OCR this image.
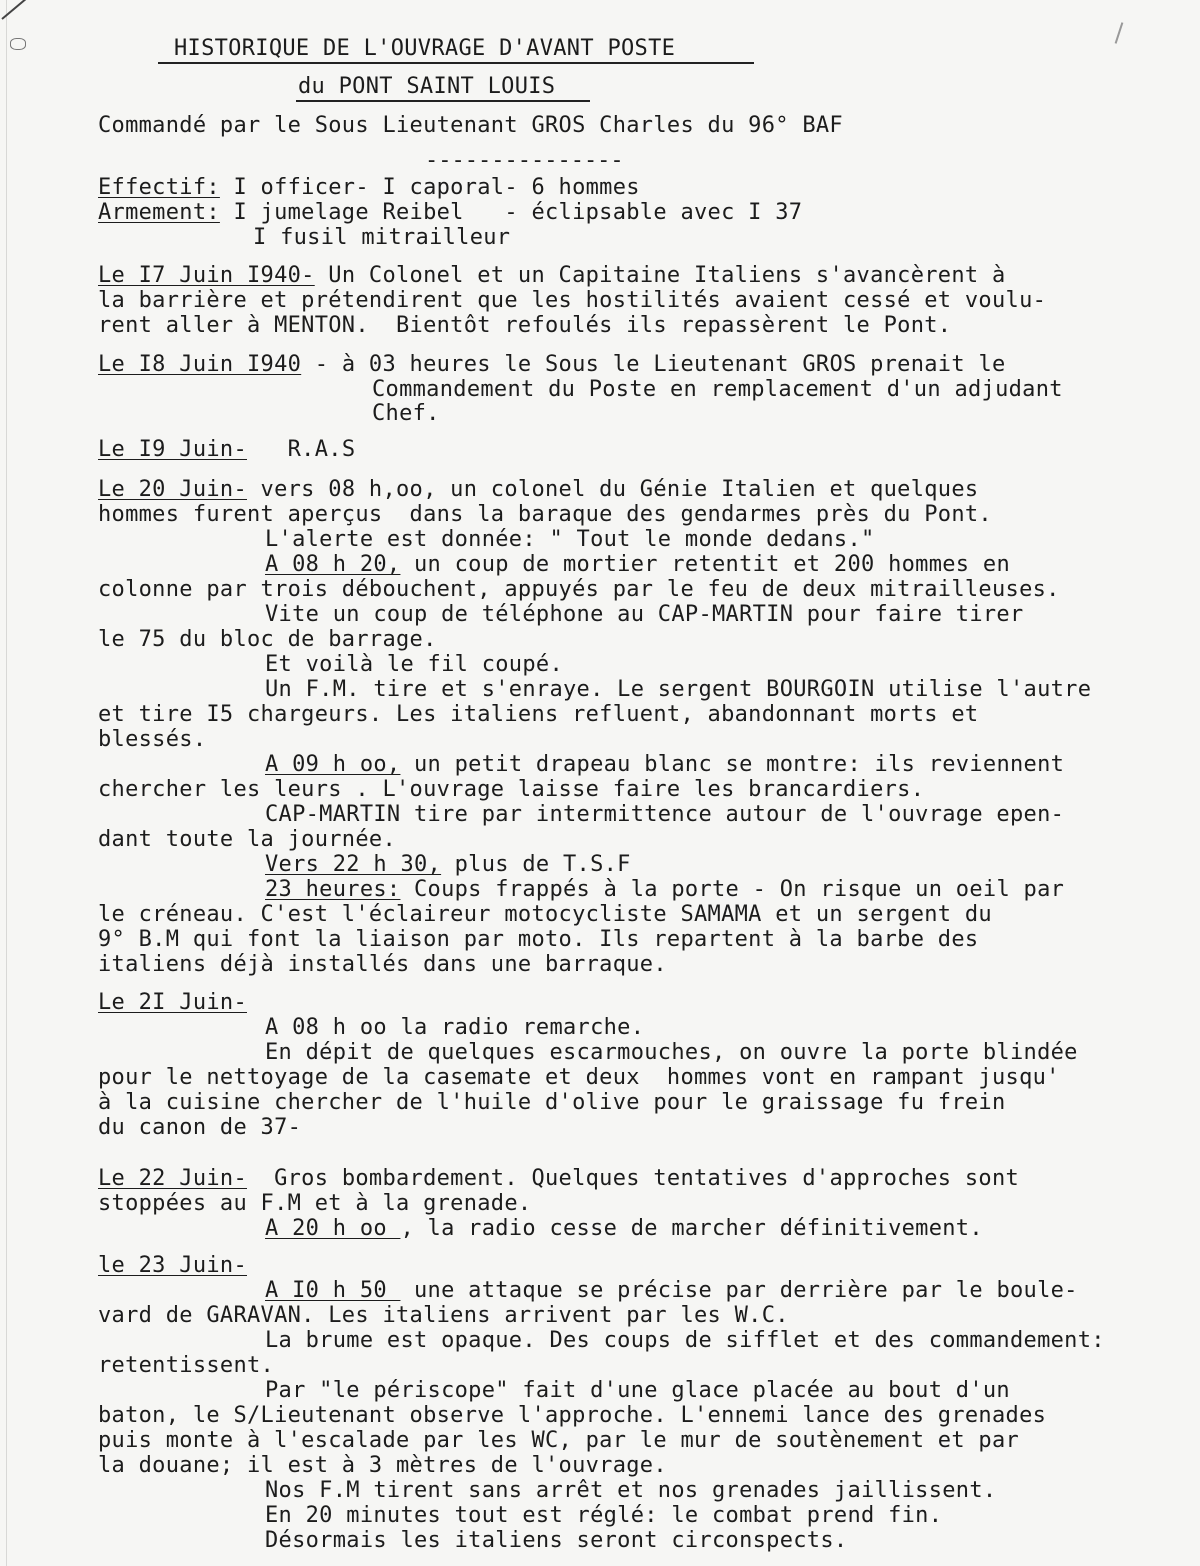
HISTORIQUE DE L'OUVRAGE D'AVANT POSTE
du PONT SAINT LOUIS
Commandé par le Sous Lieutenant GROS Charles du 96° BAF
---------------
Effectif: I officer- I caporal- 6 hommes
Armement: I jumelage Reibel   - éclipsable avec I 37
I fusil mitrailleur
Le I7 Juin I940- Un Colonel et un Capitaine Italiens s'avancèrent à
la barrière et prétendirent que les hostilités avaient cessé et voulu-
rent aller à MENTON.  Bientôt refoulés ils repassèrent le Pont.
Le I8 Juin I940 - à 03 heures le Sous le Lieutenant GROS prenait le
Commandement du Poste en remplacement d'un adjudant
Chef.
Le I9 Juin-   R.A.S
Le 20 Juin- vers 08 h,oo, un colonel du Génie Italien et quelques
hommes furent aperçus  dans la baraque des gendarmes près du Pont.
L'alerte est donnée: " Tout le monde dedans."
A 08 h 20, un coup de mortier retentit et 200 hommes en
colonne par trois débouchent, appuyés par le feu de deux mitrailleuses.
Vite un coup de téléphone au CAP-MARTIN pour faire tirer
le 75 du bloc de barrage.
Et voilà le fil coupé.
Un F.M. tire et s'enraye. Le sergent BOURGOIN utilise l'autre
et tire I5 chargeurs. Les italiens refluent, abandonnant morts et
blessés.
A 09 h oo, un petit drapeau blanc se montre: ils reviennent
chercher les leurs . L'ouvrage laisse faire les brancardiers.
CAP-MARTIN tire par intermittence autour de l'ouvrage epen-
dant toute la journée.
Vers 22 h 30, plus de T.S.F
23 heures: Coups frappés à la porte - On risque un oeil par
le créneau. C'est l'éclaireur motocycliste SAMAMA et un sergent du
9° B.M qui font la liaison par moto. Ils repartent à la barbe des
italiens déjà installés dans une barraque.
Le 2I Juin-
A 08 h oo la radio remarche.
En dépit de quelques escarmouches, on ouvre la porte blindée
pour le nettoyage de la casemate et deux  hommes vont en rampant jusqu'
à la cuisine chercher de l'huile d'olive pour le graissage fu frein
du canon de 37-
Le 22 Juin-  Gros bombardement. Quelques tentatives d'approches sont
stoppées au F.M et à la grenade.
A 20 h oo , la radio cesse de marcher définitivement.
le 23 Juin-
A I0 h 50  une attaque se précise par derrière par le boule-
vard de GARAVAN. Les italiens arrivent par les W.C.
La brume est opaque. Des coups de sifflet et des commandement:
retentissent.
Par "le périscope" fait d'une glace placée au bout d'un
baton, le S/Lieutenant observe l'approche. L'ennemi lance des grenades
puis monte à l'escalade par les WC, par le mur de soutènement et par
la douane; il est à 3 mètres de l'ouvrage.
Nos F.M tirent sans arrêt et nos grenades jaillissent.
En 20 minutes tout est réglé: le combat prend fin.
Désormais les italiens seront circonspects.
